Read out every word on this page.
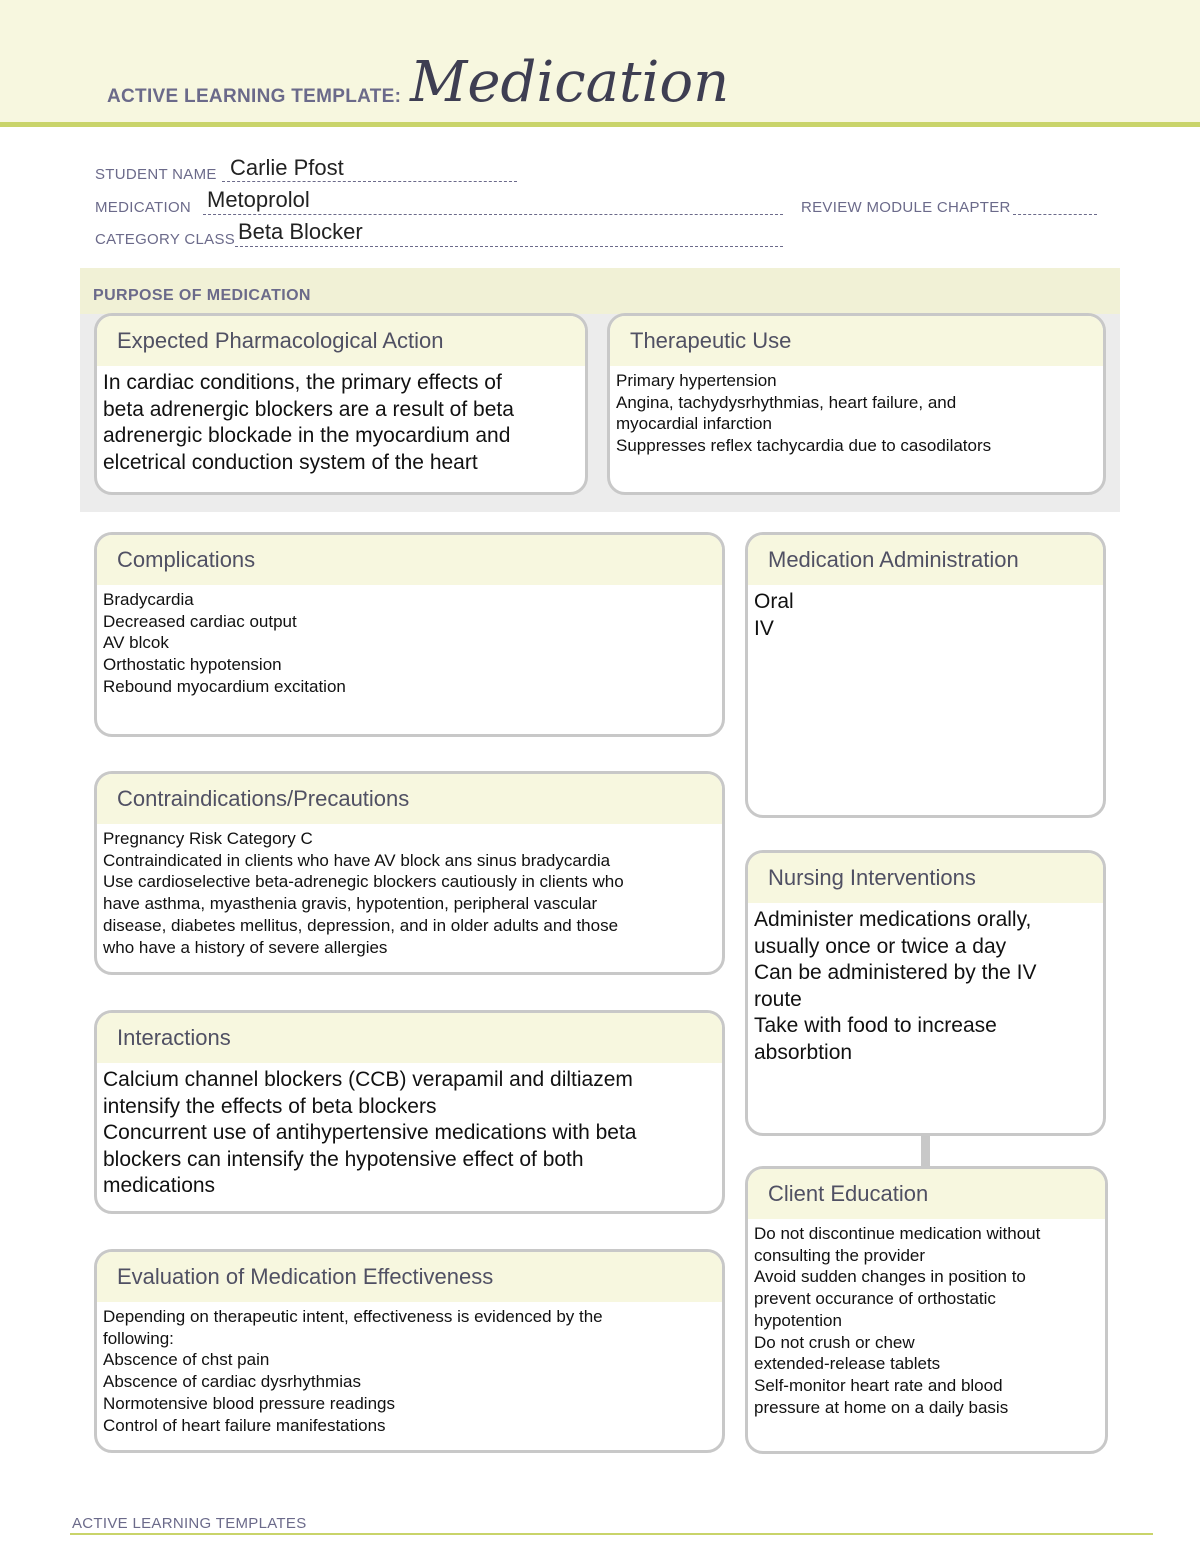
ACTIVE LEARNING TEMPLATE: Medication
STUDENT NAME Carlie Pfost
MEDICATION Metoprolol	REVIEW MODULE CHAPTER
CATEGORY CLASS Beta Blocker
PURPOSE OF MEDICATION
Expected Pharmacological Action
In cardiac conditions, the primary effects of
beta adrenergic blockers are a result of beta
adrenergic blockade in the myocardium and
elcetrical conduction system of the heart
Therapeutic Use
Primary hypertension
Angina, tachydysrhythmias, heart failure, and
myocardial infarction
Suppresses reflex tachycardia due to casodilators
Complications
Bradycardia
Decreased cardiac output
AV blcok
Orthostatic hypotension
Rebound myocardium excitation
Contraindications/Precautions
Pregnancy Risk Category C
Contraindicated in clients who have AV block ans sinus bradycardia
Use cardioselective beta-adrenegic blockers cautiously in clients who
have asthma, myasthenia gravis, hypotention, peripheral vascular
disease, diabetes mellitus, depression, and in older adults and those
who have a history of severe allergies
Interactions
Calcium channel blockers (CCB) verapamil and diltiazem
intensify the effects of beta blockers
Concurrent use of antihypertensive medications with beta
blockers can intensify the hypotensive effect of both
medications
Evaluation of Medication Effectiveness
Depending on therapeutic intent, effectiveness is evidenced by the
following:
Abscence of chst pain
Abscence of cardiac dysrhythmias
Normotensive blood pressure readings
Control of heart failure manifestations
Medication Administration
Oral
IV
Nursing Interventions
Administer medications orally,
usually once or twice a day
Can be administered by the IV
route
Take with food to increase
absorbtion
Client Education
Do not discontinue medication without
consulting the provider
Avoid sudden changes in position to
prevent occurance of orthostatic
hypotention
Do not crush or chew
extended-release tablets
Self-monitor heart rate and blood
pressure at home on a daily basis
ACTIVE LEARNING TEMPLATES
